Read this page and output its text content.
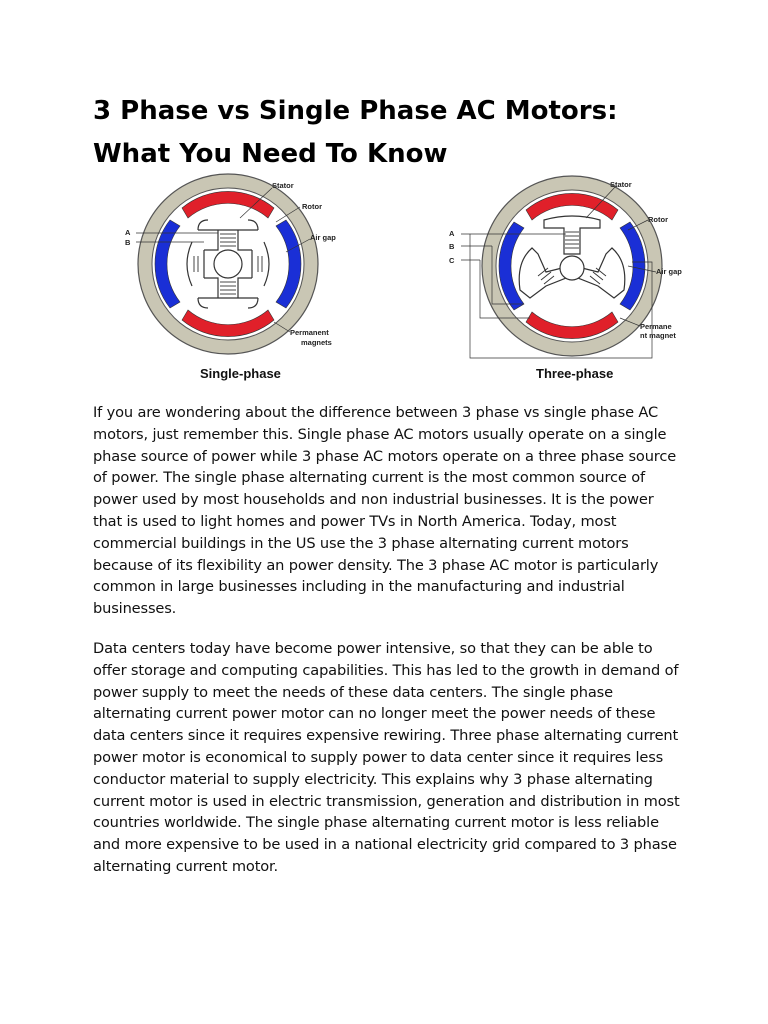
3 Phase vs Single Phase AC Motors: What You Need To Know
N
N
S	S
Stator
Rotor
Air gap
Permanent
magnets
A
B
Single-phase
N
N
S	S
Stator
Rotor
Air gap
Permane
nt magnet
A
B
C
Three-phase

If you are wondering about the difference between 3 phase vs single phase AC motors, just remember this. Single phase AC motors usually operate on a single phase source of power while 3 phase AC motors operate on a three phase source of power. The single phase alternating current is the most common source of power used by most households and non industrial businesses. It is the power that is used to light homes and power TVs in North America. Today, most commercial buildings in the US use the 3 phase alternating current motors because of its flexibility an power density. The 3 phase AC motor is particularly common in large businesses including in the manufacturing and industrial businesses.

Data centers today have become power intensive, so that they can be able to offer storage and computing capabilities. This has led to the growth in demand of power supply to meet the needs of these data centers. The single phase alternating current power motor can no longer meet the power needs of these data centers since it requires expensive rewiring. Three phase alternating current power motor is economical to supply power to data center since it requires less conductor material to supply electricity. This explains why 3 phase alternating current motor is used in electric transmission, generation and distribution in most countries worldwide. The single phase alternating current motor is less reliable and more expensive to be used in a national electricity grid compared to 3 phase alternating current motor.
